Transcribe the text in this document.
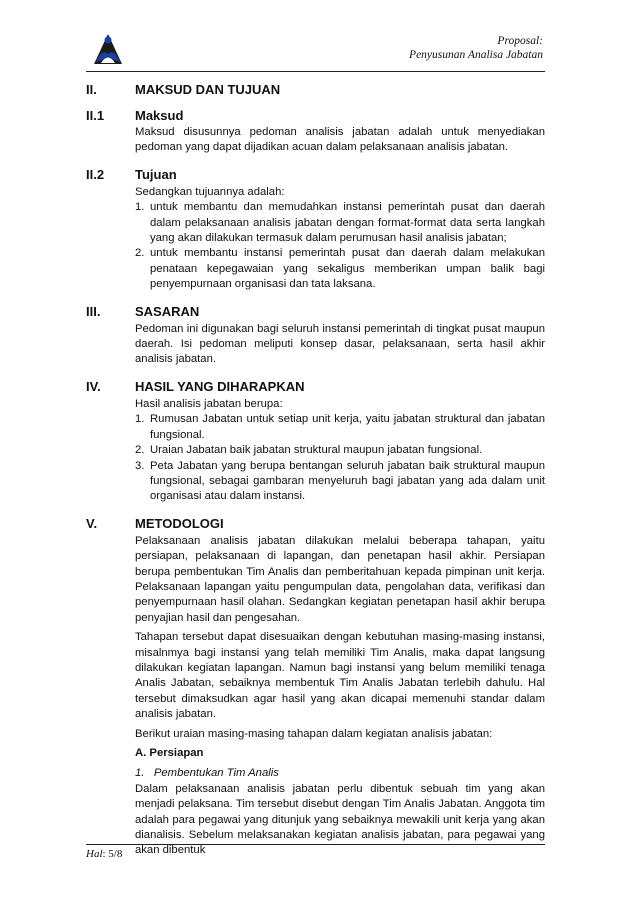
Proposal:
Penyusunan Analisa Jabatan
II.	MAKSUD DAN TUJUAN
II.1	Maksud

Maksud disusunnya pedoman analisis jabatan adalah untuk menyediakan pedoman yang dapat dijadikan acuan dalam pelaksanaan analisis jabatan.

II.2	Tujuan
Sedangkan tujuannya adalah:
1. untuk membantu dan memudahkan instansi pemerintah pusat dan daerah dalam pelaksanaan analisis jabatan dengan format-format data serta langkah yang akan dilakukan termasuk dalam perumusan hasil analisis jabatan;
2. untuk membantu instansi pemerintah pusat dan daerah dalam melakukan penataan kepegawaian yang sekaligus memberikan umpan balik bagi penyempurnaan organisasi dan tata laksana.
III.	SASARAN

Pedoman ini digunakan bagi seluruh instansi pemerintah di tingkat pusat maupun daerah. Isi pedoman meliputi konsep dasar, pelaksanaan, serta hasil akhir analisis jabatan.

IV.	HASIL YANG DIHARAPKAN
Hasil analisis jabatan berupa:
1. Rumusan Jabatan untuk setiap unit kerja, yaitu jabatan struktural dan jabatan fungsional.
2. Uraian Jabatan baik jabatan struktural maupun jabatan fungsional.
3. Peta Jabatan yang berupa bentangan seluruh jabatan baik struktural maupun fungsional, sebagai gambaran menyeluruh bagi jabatan yang ada dalam unit organisasi atau dalam instansi.
V.	METODOLOGI

Pelaksanaan analisis jabatan dilakukan melalui beberapa tahapan, yaitu persiapan, pelaksanaan di lapangan, dan penetapan hasil akhir. Persiapan berupa pembentukan Tim Analis dan pemberitahuan kepada pimpinan unit kerja. Pelaksanaan lapangan yaitu pengumpulan data, pengolahan data, verifikasi dan penyempurnaan hasil olahan. Sedangkan kegiatan penetapan hasil akhir berupa penyajian hasil dan pengesahan.

Tahapan tersebut dapat disesuaikan dengan kebutuhan masing-masing instansi, misalnmya bagi instansi yang telah memiliki Tim Analis, maka dapat langsung dilakukan kegiatan lapangan. Namun bagi instansi yang belum memiliki tenaga Analis Jabatan, sebaiknya membentuk Tim Analis Jabatan terlebih dahulu. Hal tersebut dimaksudkan agar hasil yang akan dicapai memenuhi standar dalam analisis jabatan.

Berikut uraian masing-masing tahapan dalam kegiatan analisis jabatan:

A. Persiapan
1.   Pembentukan Tim Analis

Dalam pelaksanaan analisis jabatan perlu dibentuk sebuah tim yang akan menjadi pelaksana. Tim tersebut disebut dengan Tim Analis Jabatan. Anggota tim adalah para pegawai yang ditunjuk yang sebaiknya mewakili unit kerja yang akan dianalisis. Sebelum melaksanakan kegiatan analisis jabatan, para pegawai yang akan dibentuk

Hal: 5/8
